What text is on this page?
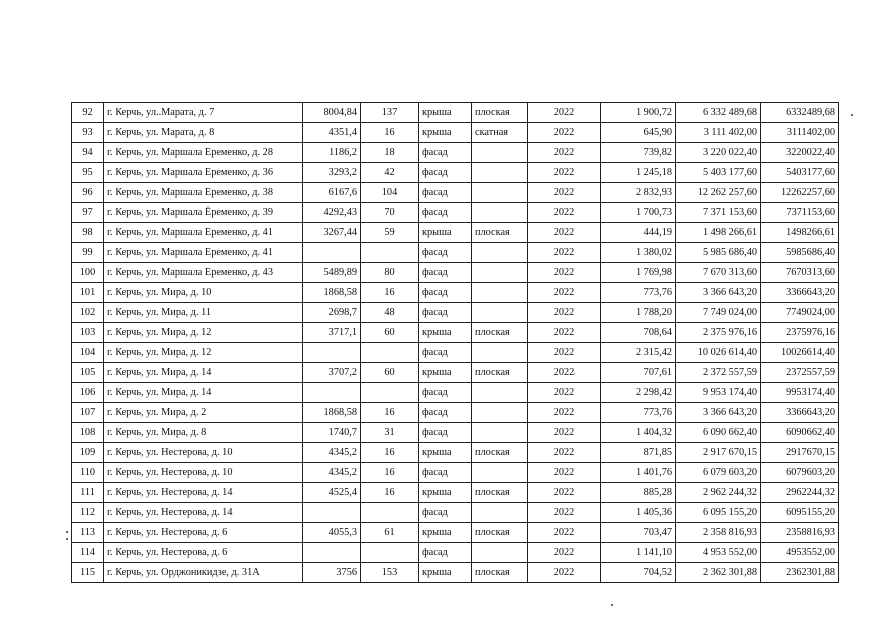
92	г. Керчь, ул..Марата, д. 7	8004,84	137	крыша	плоская	2022	1 900,72	6 332 489,68	6332489,68
93	г. Керчь, ул. Марата, д. 8	4351,4	16	крыша	скатная	2022	645,90	3 111 402,00	3111402,00
94	г. Керчь, ул. Маршала Еременко, д. 28	1186,2	18	фасад		2022	739,82	3 220 022,40	3220022,40
95	г. Керчь, ул. Маршала Еременко, д. 36	3293,2	42	фасад		2022	1 245,18	5 403 177,60	5403177,60
96	г. Керчь, ул. Маршала Еременко, д. 38	6167,6	104	фасад		2022	2 832,93	12 262 257,60	12262257,60
97	г. Керчь, ул. Маршала Ёременко, д. 39	4292,43	70	фасад		2022	1 700,73	7 371 153,60	7371153,60
98	г. Керчь, ул. Маршала Еременко, д. 41	3267,44	59	крыша	плоская	2022	444,19	1 498 266,61	1498266,61
99	г. Керчь, ул. Маршала Еременко, д. 41			фасад		2022	1 380,02	5 985 686,40	5985686,40
100	г. Керчь, ул. Маршала Еременко, д. 43	5489,89	80	фасад		2022	1 769,98	7 670 313,60	7670313,60
101	г. Керчь, ул. Мира, д. 10	1868,58	16	фасад		2022	773,76	3 366 643,20	3366643,20
102	г. Керчь, ул. Мира, д. 11	2698,7	48	фасад		2022	1 788,20	7 749 024,00	7749024,00
103	г. Керчь, ул. Мира, д. 12	3717,1	60	крыша	плоская	2022	708,64	2 375 976,16	2375976,16
104	г. Керчь, ул. Мира, д. 12			фасад		2022	2 315,42	10 026 614,40	10026614,40
105	г. Керчь, ул. Мира, д. 14	3707,2	60	крыша	плоская	2022	707,61	2 372 557,59	2372557,59
106	г. Керчь, ул. Мира, д. 14			фасад		2022	2 298,42	9 953 174,40	9953174,40
107	г. Керчь, ул. Мира, д. 2	1868,58	16	фасад		2022	773,76	3 366 643,20	3366643,20
108	г. Керчь, ул. Мира, д. 8	1740,7	31	фасад		2022	1 404,32	6 090 662,40	6090662,40
109	г. Керчь, ул. Нестерова, д. 10	4345,2	16	крыша	плоская	2022	871,85	2 917 670,15	2917670,15
110	г. Керчь, ул. Нестерова, д. 10	4345,2	16	фасад		2022	1 401,76	6 079 603,20	6079603,20
111	г. Керчь, ул. Нестерова, д. 14	4525,4	16	крыша	плоская	2022	885,28	2 962 244,32	2962244,32
112	г. Керчь, ул. Нестерова, д. 14			фасад		2022	1 405,36	6 095 155,20	6095155,20
113	г. Керчь, ул. Нестерова, д. 6	4055,3	61	крыша	плоская	2022	703,47	2 358 816,93	2358816,93
114	г. Керчь, ул. Нестерова, д. 6			фасад		2022	1 141,10	4 953 552,00	4953552,00
115	г. Керчь, ул. Орджоникидзе, д. 31А	3756	153	крыша	плоская	2022	704,52	2 362 301,88	2362301,88
